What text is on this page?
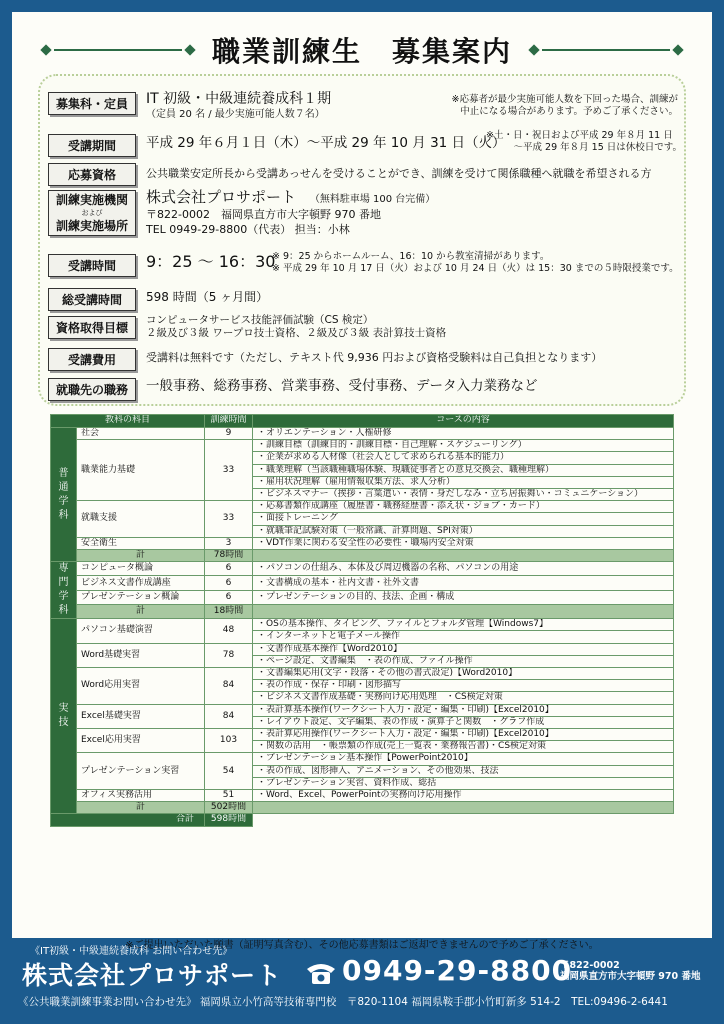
職業訓練生　募集案内
募集科・定員	IT 初級・中級連続養成科１期
（定員 20 名 / 最少実施可能人数７名）
※応募者が最少実施可能人数を下回った場合、訓練が
中止になる場合があります。予めご了承ください。
受講期間	平成 29 年６月１日（木）〜平成 29 年 10 月 31 日（火）
※土・日・祝日および平成 29 年８月 11 日
〜平成 29 年８月 15 日は休校日です。
応募資格	公共職業安定所長から受講あっせんを受けることができ、訓練を受けて関係職種へ就職を希望される方
訓練実施機関
および
訓練実施場所
株式会社プロサポート （無料駐車場 100 台完備）
〒822-0002　福岡県直方市大字頓野 970 番地
TEL 0949-29-8800（代表） 担当：小林
受講時間	9：25 〜 16：30
※ 9：25 からホームルーム、16：10 から教室清掃があります。
※ 平成 29 年 10 月 17 日（火）および 10 月 24 日（火）は 15：30 までの５時限授業です。
総受講時間	598 時間（5 ヶ月間）
資格取得目標
コンピュータサービス技能評価試験（CS 検定）
２級及び３級 ワープロ技士資格、２級及び３級 表計算技士資格
受講費用	受講料は無料です（ただし、テキスト代 9,936 円および資格受験料は自己負担となります）
就職先の職務	一般事務、総務事務、営業事務、受付事務、データ入力業務など
教科の科目		訓練時間	コースの内容

普
通
学
科	社会	9	・オリエンテーション・人権研修
	職業能力基礎	33	・訓練目標（訓練目的・訓練目標・自己理解・スケジューリング）
			・企業が求める人材像（社会人として求められる基本的能力）
			・職業理解（当該職種職場体験、現職従事者との意見交換会、職種理解）
			・雇用状況理解（雇用情報収集方法、求人分析）
			・ビジネスマナー（挨拶・言葉遣い・表情・身だしなみ・立ち居振舞い・コミュニケーション）
	就職支援	33	・応募書類作成講座（履歴書・職務経歴書・添え状・ジョブ・カード）
			・面接トレーニング
			・就職筆記試験対策（一般常識、計算問題、SPI対策）
	安全衛生	3	・VDT作業に関わる安全性の必要性・職場内安全対策
	計	78時間	

専
門
学
科	コンピュータ概論	6	・パソコンの仕組み、本体及び周辺機器の名称、パソコンの用途
	ビジネス文書作成講座	6	・文書構成の基本・社内文書・社外文書
	プレゼンテーション概論	6	・プレゼンテーションの目的、技法、企画・構成
	計	18時間	

実
技	パソコン基礎演習	48	・OSの基本操作、タイピング、ファイルとフォルダ管理【Windows7】
			・インターネットと電子メール操作
	Word基礎実習	78	・文書作成基本操作【Word2010】
			・ページ設定、文書編集　・表の作成、ファイル操作
	Word応用実習	84	・文書編集応用(文字・段落・その他の書式設定)【Word2010】
			・表の作成・保存・印刷・図形描写
			・ビジネス文書作成基礎・実務向け応用処理　・CS検定対策
	Excel基礎実習	84	・表計算基本操作(ワークシート入力・設定・編集・印刷)【Excel2010】
			・レイアウト設定、文字編集、表の作成・演算子と関数　・グラフ作成
	Excel応用実習	103	・表計算応用操作(ワークシート入力・設定・編集・印刷)【Excel2010】
			・関数の活用　・帳票類の作成(売上一覧表・業務報告書)・CS検定対策
	プレゼンテーション実習	54	・プレゼンテーション基本操作【PowerPoint2010】
			・表の作成、図形挿入、アニメーション、その他効果、技法
			・プレゼンテーション実習、資料作成、総括
	オフィス実務活用	51	・Word、Excel、PowerPointの実務向け応用操作
	計	502時間	
合計		598時間	
※ご提出いただいた願書（証明写真含む）、その他応募書類はご返却できませんので予めご了承ください。
《IT初級・中級連続養成科 お問い合わせ先》
株式会社プロサポート 0949-29-8800
〒822-0002
福岡県直方市大字頓野 970 番地
《公共職業訓練事業お問い合わせ先》 福岡県立小竹高等技術専門校　〒820-1104 福岡県鞍手郡小竹町新多 514-2　TEL:09496-2-6441
